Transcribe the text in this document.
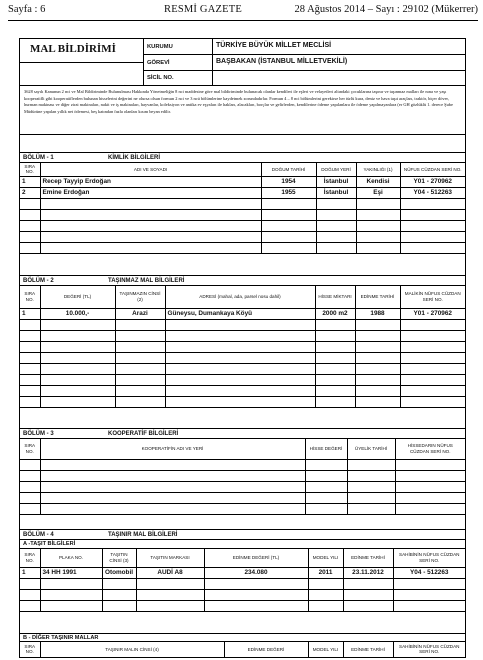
Sayfa : 6	RESMİ GAZETE	28 Ağustos 2014 – Sayı : 29102 (Mükerrer)
MAL BİLDİRİMİ	KURUMU	TÜRKİYE BÜYÜK MİLLET MECLİSİ
GÖREVİ	BAŞBAKAN (İSTANBUL MİLLETVEKİLİ)
SİCİL NO.
3628 sayılı Kanunun 2 nci ve Mal Bildiriminde Bulunulması Hakkında Yönetmeliğin 8 nci maddesine göre mal bildiriminde bulunacak olanlar kendileri ile eşleri ve velayetleri altındaki çocuklarına taşınır ve taşınmaz malları ile nına ve yaşı kooperatifli gibi kooperatiflerden bulunan hisselerini değerini ne olursa olsun formun 2 nci ve 3 ncü bölümlerine kaydetmek zorundadırlar. Formun 4 – 8 nci bölümlerini gerekirse her türlü kura, deniz ve hava taşıt araçları, traktör, biçer döver, hurman makinası ve diğer zirai makinaları, nakit ve iş makinaları, hayvanlar, koleksiyon ve antika ev eşyaları ile hakları, alacakları, borçlar ve gelirlerden, kendilerine ödeme yapılanlara ile ödeme yapılmayanlara (er GH gözlüklü 1. derece Şube Müdürüne yapılan yıllık net ödemesi, beş katından fazla olanları kısım beyan edilir.
BÖLÜM - 1	KİMLİK BİLGİLERİ
SIRA NO.	ADI VE SOYADI	DOĞUM TARİHİ	DOĞUM YERİ	YAKINLIĞI (1)	NÜFUS CÜZDAN SERİ NO.
1	Recep Tayyip Erdoğan	1954	İstanbul	Kendisi	Y01 - 270962
2	Emine Erdoğan	1955	İstanbul	Eşi	Y04 - 512263

BÖLÜM - 2	TAŞINMAZ MAL BİLGİLERİ
SIRA NO.	DEĞERİ (TL)	TAŞINMAZIN CİNSİ (2)	ADRESİ (mahal, ada, parsel nosu dahil)	HİSSE MİKTARI	EDİNME TARİHİ	MALİKİN NÜFUS CÜZDAN SERİ NO.
1	10.000,-	Arazi	Güneysu, Dumankaya Köyü	2000 m2	1988	Y01 - 270962

BÖLÜM - 3	KOOPERATİF BİLGİLERİ
SIRA NO.	KOOPERATİFİN ADI VE YERİ	HİSSE DEĞERİ	ÜYELİK TARİHİ	HİSSEDARIN NÜFUS CÜZDAN SERİ NO.

BÖLÜM - 4	TAŞINIR MAL BİLGİLERİ
A -TAŞIT BİLGİLERİ
SIRA NO.	PLAKA NO.	TAŞITIN CİNSİ (3)	TAŞITIN MARKASI	EDİNME DEĞERİ (TL)	MODEL YILI	EDİNME TARİHİ	SAHİBİNİN NÜFUS CÜZDAN SERİ NO.
1	34 HH 1991	Otomobil	AUDİ A8	234.080	2011	23.11.2012	Y04 - 512263

B - DİĞER TAŞINIR MALLAR
SIRA NO.	TAŞINIR MALIN CİNSİ (4)	EDİNME DEĞERİ	MODEL YILI	EDİNME TARİHİ	SAHİBİNİN NÜFUS CÜZDAN SERİ NO.
